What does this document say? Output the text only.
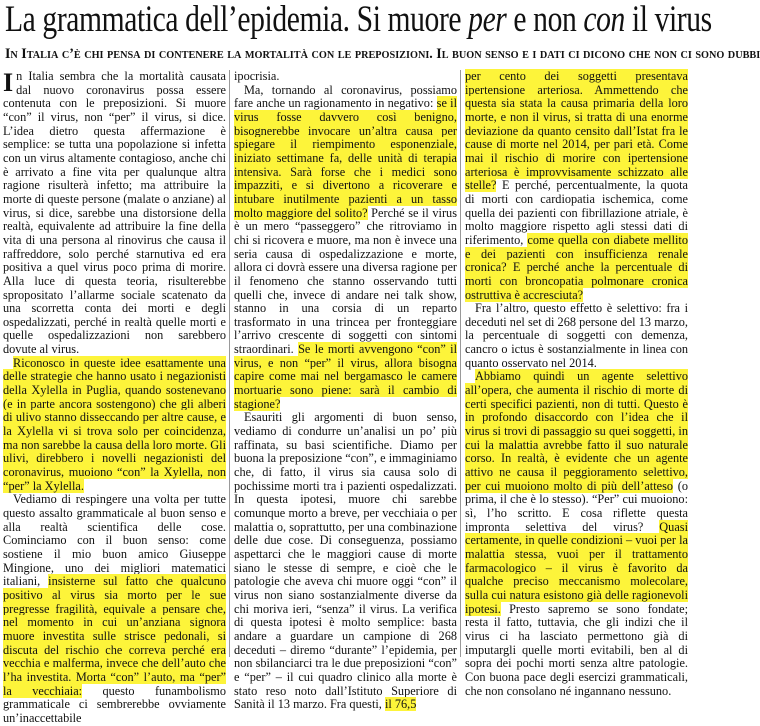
La grammatica dell’epidemia. Si muore per e non con il virus
In Italia c’è chi pensa di contenere la mortalità con le preposizioni. Il buon senso e i dati ci dicono che non ci sono dubbi

In Italia sembra che la mortalità causata dal nuovo coronavirus possa essere contenuta con le preposizioni. Si muore “con” il virus, non “per” il virus, si dice. L’idea dietro questa affermazione è semplice: se tutta una popolazione si infetta con un virus altamente contagioso, anche chi è arrivato a fine vita per qualunque altra ragione risulterà infetto; ma attribuire la morte di queste persone (malate o anziane) al virus, si dice, sarebbe una distorsione della realtà, equivalente ad attribuire la fine della vita di una persona al rinovirus che causa il raffreddore, solo perché starnutiva ed era positiva a quel virus poco prima di morire. Alla luce di questa teoria, risulterebbe spropositato l’allarme sociale scatenato da una scorretta conta dei morti e degli ospedalizzati, perché in realtà quelle morti e quelle ospedalizzazioni non sarebbero dovute al virus.

Riconosco in queste idee esattamente una delle strategie che hanno usato i negazionisti della Xylella in Puglia, quando sostenevano (e in parte ancora sostengono) che gli alberi di ulivo stanno disseccando per altre cause, e la Xylella vi si trova solo per coincidenza, ma non sarebbe la causa della loro morte. Gli ulivi, direbbero i novelli negazionisti del coronavirus, muoiono “con” la Xylella, non “per” la Xylella.

Vediamo di respingere una volta per tutte questo assalto grammaticale al buon senso e alla realtà scientifica delle cose. Cominciamo con il buon senso: come sostiene il mio buon amico Giuseppe Mingione, uno dei migliori matematici italiani, insisterne sul fatto che qualcuno positivo al virus sia morto per le sue pregresse fragilità, equivale a pensare che, nel momento in cui un’anziana signora muore investita sulle strisce pedonali, si discuta del rischio che correva perché era vecchia e malferma, invece che dell’auto che l’ha investita. Morta “con” l’auto, ma “per” la vecchiaia: questo funambolismo grammaticale ci sembrerebbe ovviamente un’inaccettabile

ipocrisia.

Ma, tornando al coronavirus, possiamo fare anche un ragionamento in negativo: se il virus fosse davvero così benigno, bisognerebbe invocare un’altra causa per spiegare il riempimento esponenziale, iniziato settimane fa, delle unità di terapia intensiva. Sarà forse che i medici sono impazziti, e si divertono a ricoverare e intubare inutilmente pazienti a un tasso molto maggiore del solito? Perché se il virus è un mero “passeggero” che ritroviamo in chi si ricovera e muore, ma non è invece una seria causa di ospedalizzazione e morte, allora ci dovrà essere una diversa ragione per il fenomeno che stanno osservando tutti quelli che, invece di andare nei talk show, stanno in una corsia di un reparto trasformato in una trincea per fronteggiare l’arrivo crescente di soggetti con sintomi straordinari. Se le morti avvengono “con” il virus, e non “per” il virus, allora bisogna capire come mai nel bergamasco le camere mortuarie sono piene: sarà il cambio di stagione?

Esauriti gli argomenti di buon senso, vediamo di condurre un’analisi un po’ più raffinata, su basi scientifiche. Diamo per buona la preposizione “con”, e immaginiamo che, di fatto, il virus sia causa solo di pochissime morti tra i pazienti ospedalizzati. In questa ipotesi, muore chi sarebbe comunque morto a breve, per vecchiaia o per malattia o, soprattutto, per una combinazione delle due cose. Di conseguenza, possiamo aspettarci che le maggiori cause di morte siano le stesse di sempre, e cioè che le patologie che aveva chi muore oggi “con” il virus non siano sostanzialmente diverse da chi moriva ieri, “senza” il virus. La verifica di questa ipotesi è molto semplice: basta andare a guardare un campione di 268 deceduti – diremo “durante” l’epidemia, per non sbilanciarci tra le due preposizioni “con” e “per” – il cui quadro clinico alla morte è stato reso noto dall’Istituto Superiore di Sanità il 13 marzo. Fra questi, il 76,5

per cento dei soggetti presentava ipertensione arteriosa. Ammettendo che questa sia stata la causa primaria della loro morte, e non il virus, si tratta di una enorme deviazione da quanto censito dall’Istat fra le cause di morte nel 2014, per pari età. Come mai il rischio di morire con ipertensione arteriosa è improvvisamente schizzato alle stelle? E perché, percentualmente, la quota di morti con cardiopatia ischemica, come quella dei pazienti con fibrillazione atriale, è molto maggiore rispetto agli stessi dati di riferimento, come quella con diabete mellito e dei pazienti con insufficienza renale cronica? E perché anche la percentuale di morti con broncopatia polmonare cronica ostruttiva è accresciuta?

Fra l’altro, questo effetto è selettivo: fra i deceduti nel set di 268 persone del 13 marzo, la percentuale di soggetti con demenza, cancro o ictus è sostanzialmente in linea con quanto osservato nel 2014.

Abbiamo quindi un agente selettivo all’opera, che aumenta il rischio di morte di certi specifici pazienti, non di tutti. Questo è in profondo disaccordo con l’idea che il virus si trovi di passaggio su quei soggetti, in cui la malattia avrebbe fatto il suo naturale corso. In realtà, è evidente che un agente attivo ne causa il peggioramento selettivo, per cui muoiono molto di più dell’atteso (o prima, il che è lo stesso). “Per” cui muoiono: sì, l’ho scritto. E cosa riflette questa impronta selettiva del virus? Quasi certamente, in quelle condizioni – vuoi per la malattia stessa, vuoi per il trattamento farmacologico – il virus è favorito da qualche preciso meccanismo molecolare, sulla cui natura esistono già delle ragionevoli ipotesi. Presto sapremo se sono fondate; resta il fatto, tuttavia, che gli indizi che il virus ci ha lasciato permettono già di imputargli quelle morti evitabili, ben al di sopra dei pochi morti senza altre patologie. Con buona pace degli esercizi grammaticali, che non consolano né ingannano nessuno.
